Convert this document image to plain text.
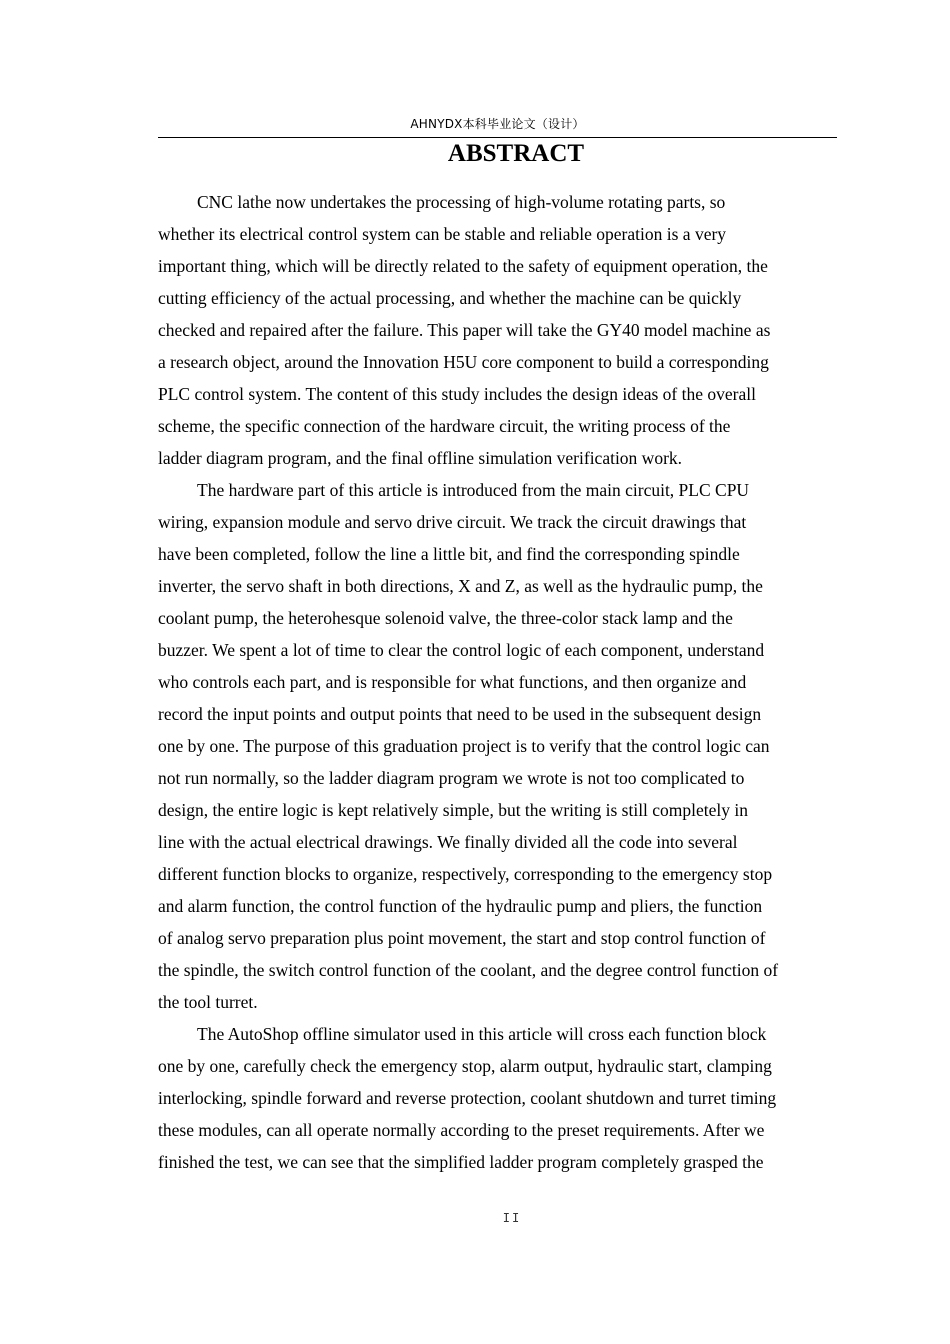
AHNYDX本科毕业论文（设计）
ABSTRACT
CNC lathe now undertakes the processing of high-volume rotating parts, so
whether its electrical control system can be stable and reliable operation is a very
important thing, which will be directly related to the safety of equipment operation, the
cutting efficiency of the actual processing, and whether the machine can be quickly
checked and repaired after the failure. This paper will take the GY40 model machine as
a research object, around the Innovation H5U core component to build a corresponding
PLC control system. The content of this study includes the design ideas of the overall
scheme, the specific connection of the hardware circuit, the writing process of the
ladder diagram program, and the final offline simulation verification work.
The hardware part of this article is introduced from the main circuit, PLC CPU
wiring, expansion module and servo drive circuit. We track the circuit drawings that
have been completed, follow the line a little bit, and find the corresponding spindle
inverter, the servo shaft in both directions, X and Z, as well as the hydraulic pump, the
coolant pump, the heterohesque solenoid valve, the three-color stack lamp and the
buzzer. We spent a lot of time to clear the control logic of each component, understand
who controls each part, and is responsible for what functions, and then organize and
record the input points and output points that need to be used in the subsequent design
one by one. The purpose of this graduation project is to verify that the control logic can
not run normally, so the ladder diagram program we wrote is not too complicated to
design, the entire logic is kept relatively simple, but the writing is still completely in
line with the actual electrical drawings. We finally divided all the code into several
different function blocks to organize, respectively, corresponding to the emergency stop
and alarm function, the control function of the hydraulic pump and pliers, the function
of analog servo preparation plus point movement, the start and stop control function of
the spindle, the switch control function of the coolant, and the degree control function of
the tool turret.
The AutoShop offline simulator used in this article will cross each function block
one by one, carefully check the emergency stop, alarm output, hydraulic start, clamping
interlocking, spindle forward and reverse protection, coolant shutdown and turret timing
these modules, can all operate normally according to the preset requirements. After we
finished the test, we can see that the simplified ladder program completely grasped the
II
